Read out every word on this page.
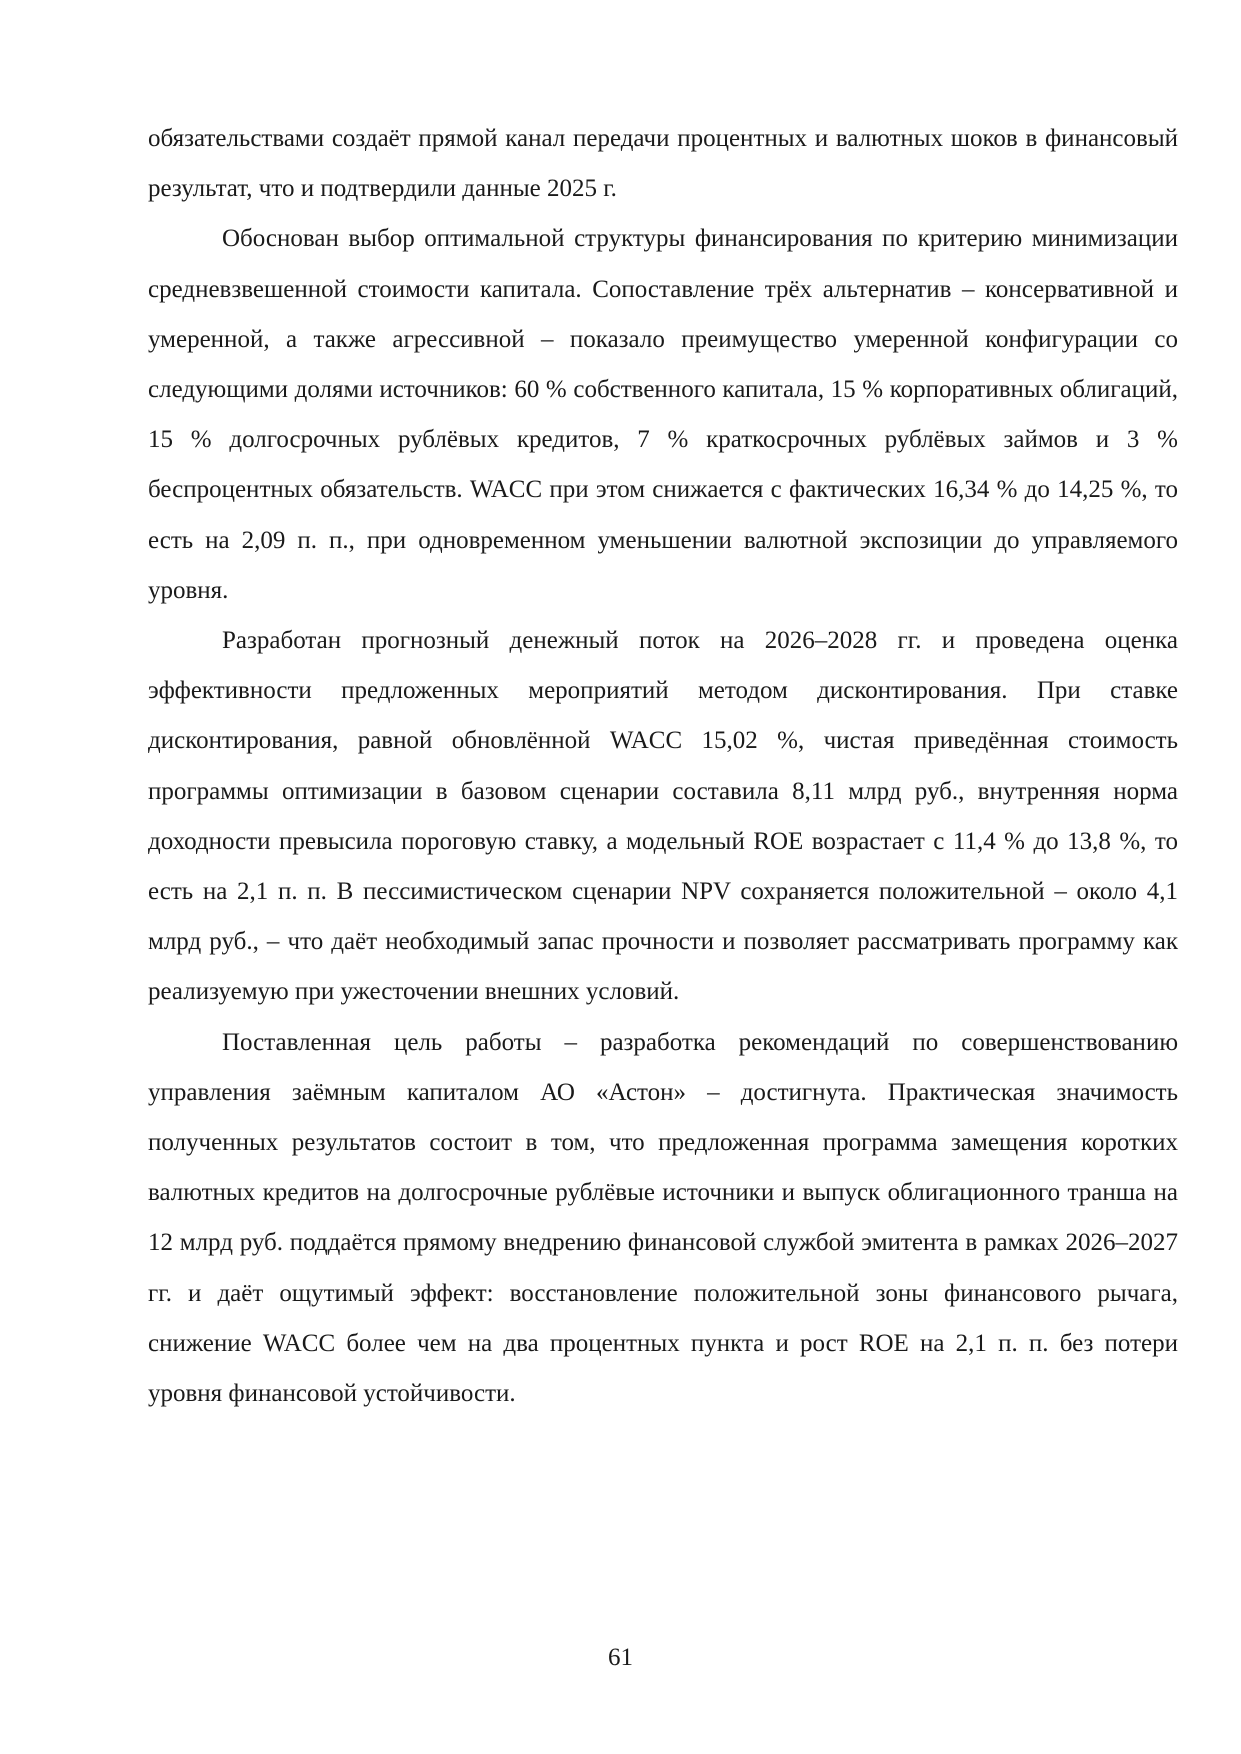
обязательствами создаёт прямой канал передачи процентных и валютных шоков в финансовый результат, что и подтвердили данные 2025 г.

Обоснован выбор оптимальной структуры финансирования по критерию минимизации средневзвешенной стоимости капитала. Сопоставление трёх альтернатив – консервативной и умеренной, а также агрессивной – показало преимущество умеренной конфигурации со следующими долями источников: 60 % собственного капитала, 15 % корпоративных облигаций, 15 % долгосрочных рублёвых кредитов, 7 % краткосрочных рублёвых займов и 3 % беспроцентных обязательств. WACC при этом снижается с фактических 16,34 % до 14,25 %, то есть на 2,09 п. п., при одновременном уменьшении валютной экспозиции до управляемого уровня.

Разработан прогнозный денежный поток на 2026–2028 гг. и проведена оценка эффективности предложенных мероприятий методом дисконтирования. При ставке дисконтирования, равной обновлённой WACC 15,02 %, чистая приведённая стоимость программы оптимизации в базовом сценарии составила 8,11 млрд руб., внутренняя норма доходности превысила пороговую ставку, а модельный ROE возрастает с 11,4 % до 13,8 %, то есть на 2,1 п. п. В пессимистическом сценарии NPV сохраняется положительной – около 4,1 млрд руб., – что даёт необходимый запас прочности и позволяет рассматривать программу как реализуемую при ужесточении внешних условий.

Поставленная цель работы – разработка рекомендаций по совершенствованию управления заёмным капиталом АО «Астон» – достигнута. Практическая значимость полученных результатов состоит в том, что предложенная программа замещения коротких валютных кредитов на долгосрочные рублёвые источники и выпуск облигационного транша на 12 млрд руб. поддаётся прямому внедрению финансовой службой эмитента в рамках 2026–2027 гг. и даёт ощутимый эффект: восстановление положительной зоны финансового рычага, снижение WACC более чем на два процентных пункта и рост ROE на 2,1 п. п. без потери уровня финансовой устойчивости.

61
